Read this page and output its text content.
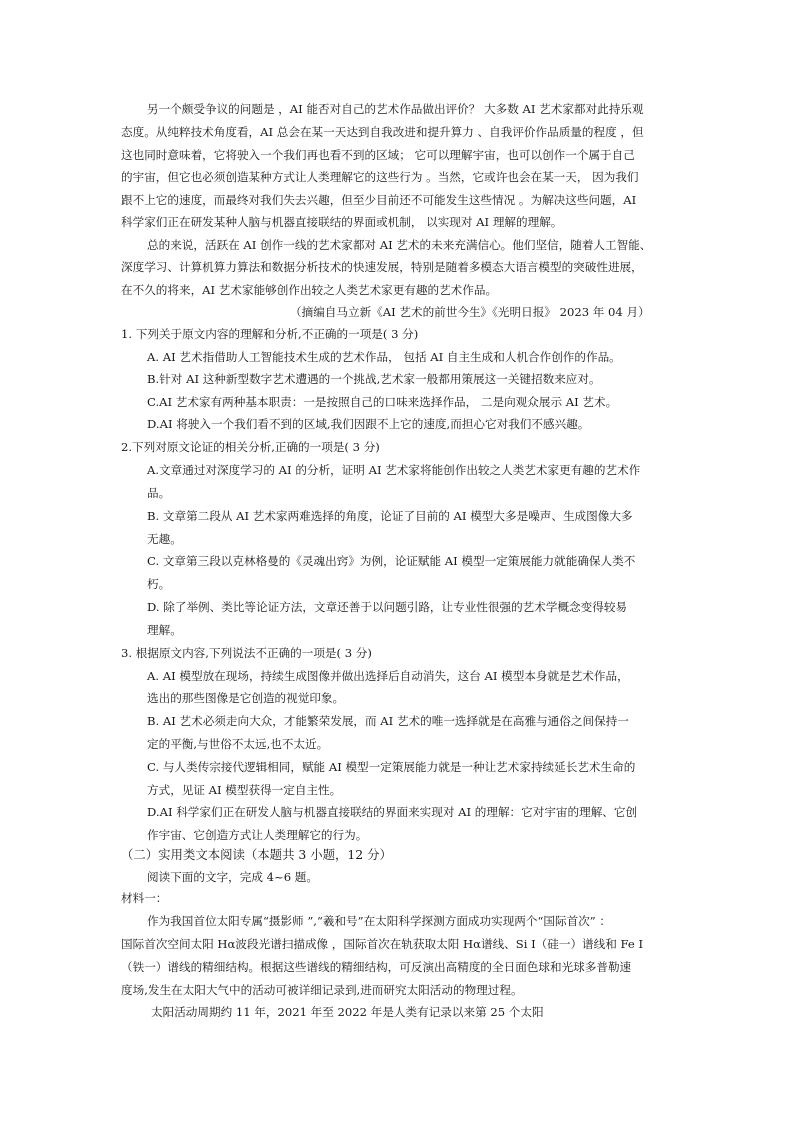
另一个颇受争议的问题是 ，AI 能否对自己的艺术作品做出评价？ 大多数 AI 艺术家都对此持乐观
态度。从纯粹技术角度看，AI 总会在某一天达到自我改进和提升算力 、自我评价作品质量的程度 ，但
这也同时意味着，它将驶入一个我们再也看不到的区域； 它可以理解宇宙，也可以创作一个属于自己
的宇宙，但它也必须创造某种方式让人类理解它的这些行为 。当然，它或许也会在某一天， 因为我们
跟不上它的速度，而最终对我们失去兴趣，但至少目前还不可能发生这些情况 。为解决这些问题，AI
科学家们正在研发某种人脑与机器直接联结的界面或机制， 以实现对 AI 理解的理解。
总的来说，活跃在 AI 创作一线的艺术家都对 AI 艺术的未来充满信心。他们坚信，随着人工智能、
深度学习、计算机算力算法和数据分析技术的快速发展，特别是随着多模态大语言模型的突破性进展，
在不久的将来，AI 艺术家能够创作出较之人类艺术家更有趣的艺术作品。
（摘编自马立新《AI 艺术的前世今生》《光明日报》 2023 年 04 月）
1. 下列关于原文内容的理解和分析,不正确的一项是( 3 分)
A. AI 艺术指借助人工智能技术生成的艺术作品， 包括 AI 自主生成和人机合作创作的作品。
B.针对 AI 这种新型数字艺术遭遇的一个挑战,艺术家一般都用策展这一关键招数来应对。
C.AI 艺术家有两种基本职责：一是按照自己的口味来选择作品， 二是向观众展示 AI 艺术。
D.AI 将驶入一个我们看不到的区域,我们因跟不上它的速度,而担心它对我们不感兴趣。
2.下列对原文论证的相关分析,正确的一项是( 3 分)
A.文章通过对深度学习的 AI 的分析，证明 AI 艺术家将能创作出较之人类艺术家更有趣的艺术作
品。
B. 文章第二段从 AI 艺术家两难选择的角度，论证了目前的 AI 模型大多是噪声、生成图像大多
无趣。
C. 文章第三段以克林格曼的《灵魂出窍》为例，论证赋能 AI 模型一定策展能力就能确保人类不
朽。
D. 除了举例、类比等论证方法，文章还善于以问题引路，让专业性很强的艺术学概念变得较易
理解。
3. 根据原文内容,下列说法不正确的一项是( 3 分)
A. AI 模型放在现场，持续生成图像并做出选择后自动消失，这台 AI 模型本身就是艺术作品，
选出的那些图像是它创造的视觉印象。
B. AI 艺术必须走向大众，才能繁荣发展，而 AI 艺术的唯一选择就是在高雅与通俗之间保持一
定的平衡,与世俗不太远,也不太近。
C. 与人类传宗接代逻辑相同，赋能 AI 模型一定策展能力就是一种让艺术家持续延长艺术生命的
方式，见证 AI 模型获得一定自主性。
D.AI 科学家们正在研发人脑与机器直接联结的界面来实现对 AI 的理解：它对宇宙的理解、它创
作宇宙、它创造方式让人类理解它的行为。
（二）实用类文本阅读（本题共 3 小题，12 分）
阅读下面的文字，完成 4~6 题。
材料一：
作为我国首位太阳专属“摄影师 ”,“羲和号”在太阳科学探测方面成功实现两个“国际首次” ：
国际首次空间太阳 Hα波段光谱扫描成像 ，国际首次在轨获取太阳 Hα谱线、Si Ⅰ（硅一）谱线和 Fe Ⅰ
（铁一）谱线的精细结构。根据这些谱线的精细结构，可反演出高精度的全日面色球和光球多普勒速
度场,发生在太阳大气中的活动可被详细记录到,进而研究太阳活动的物理过程。
太阳活动周期约 11 年，2021 年至 2022 年是人类有记录以来第 25 个太阳
